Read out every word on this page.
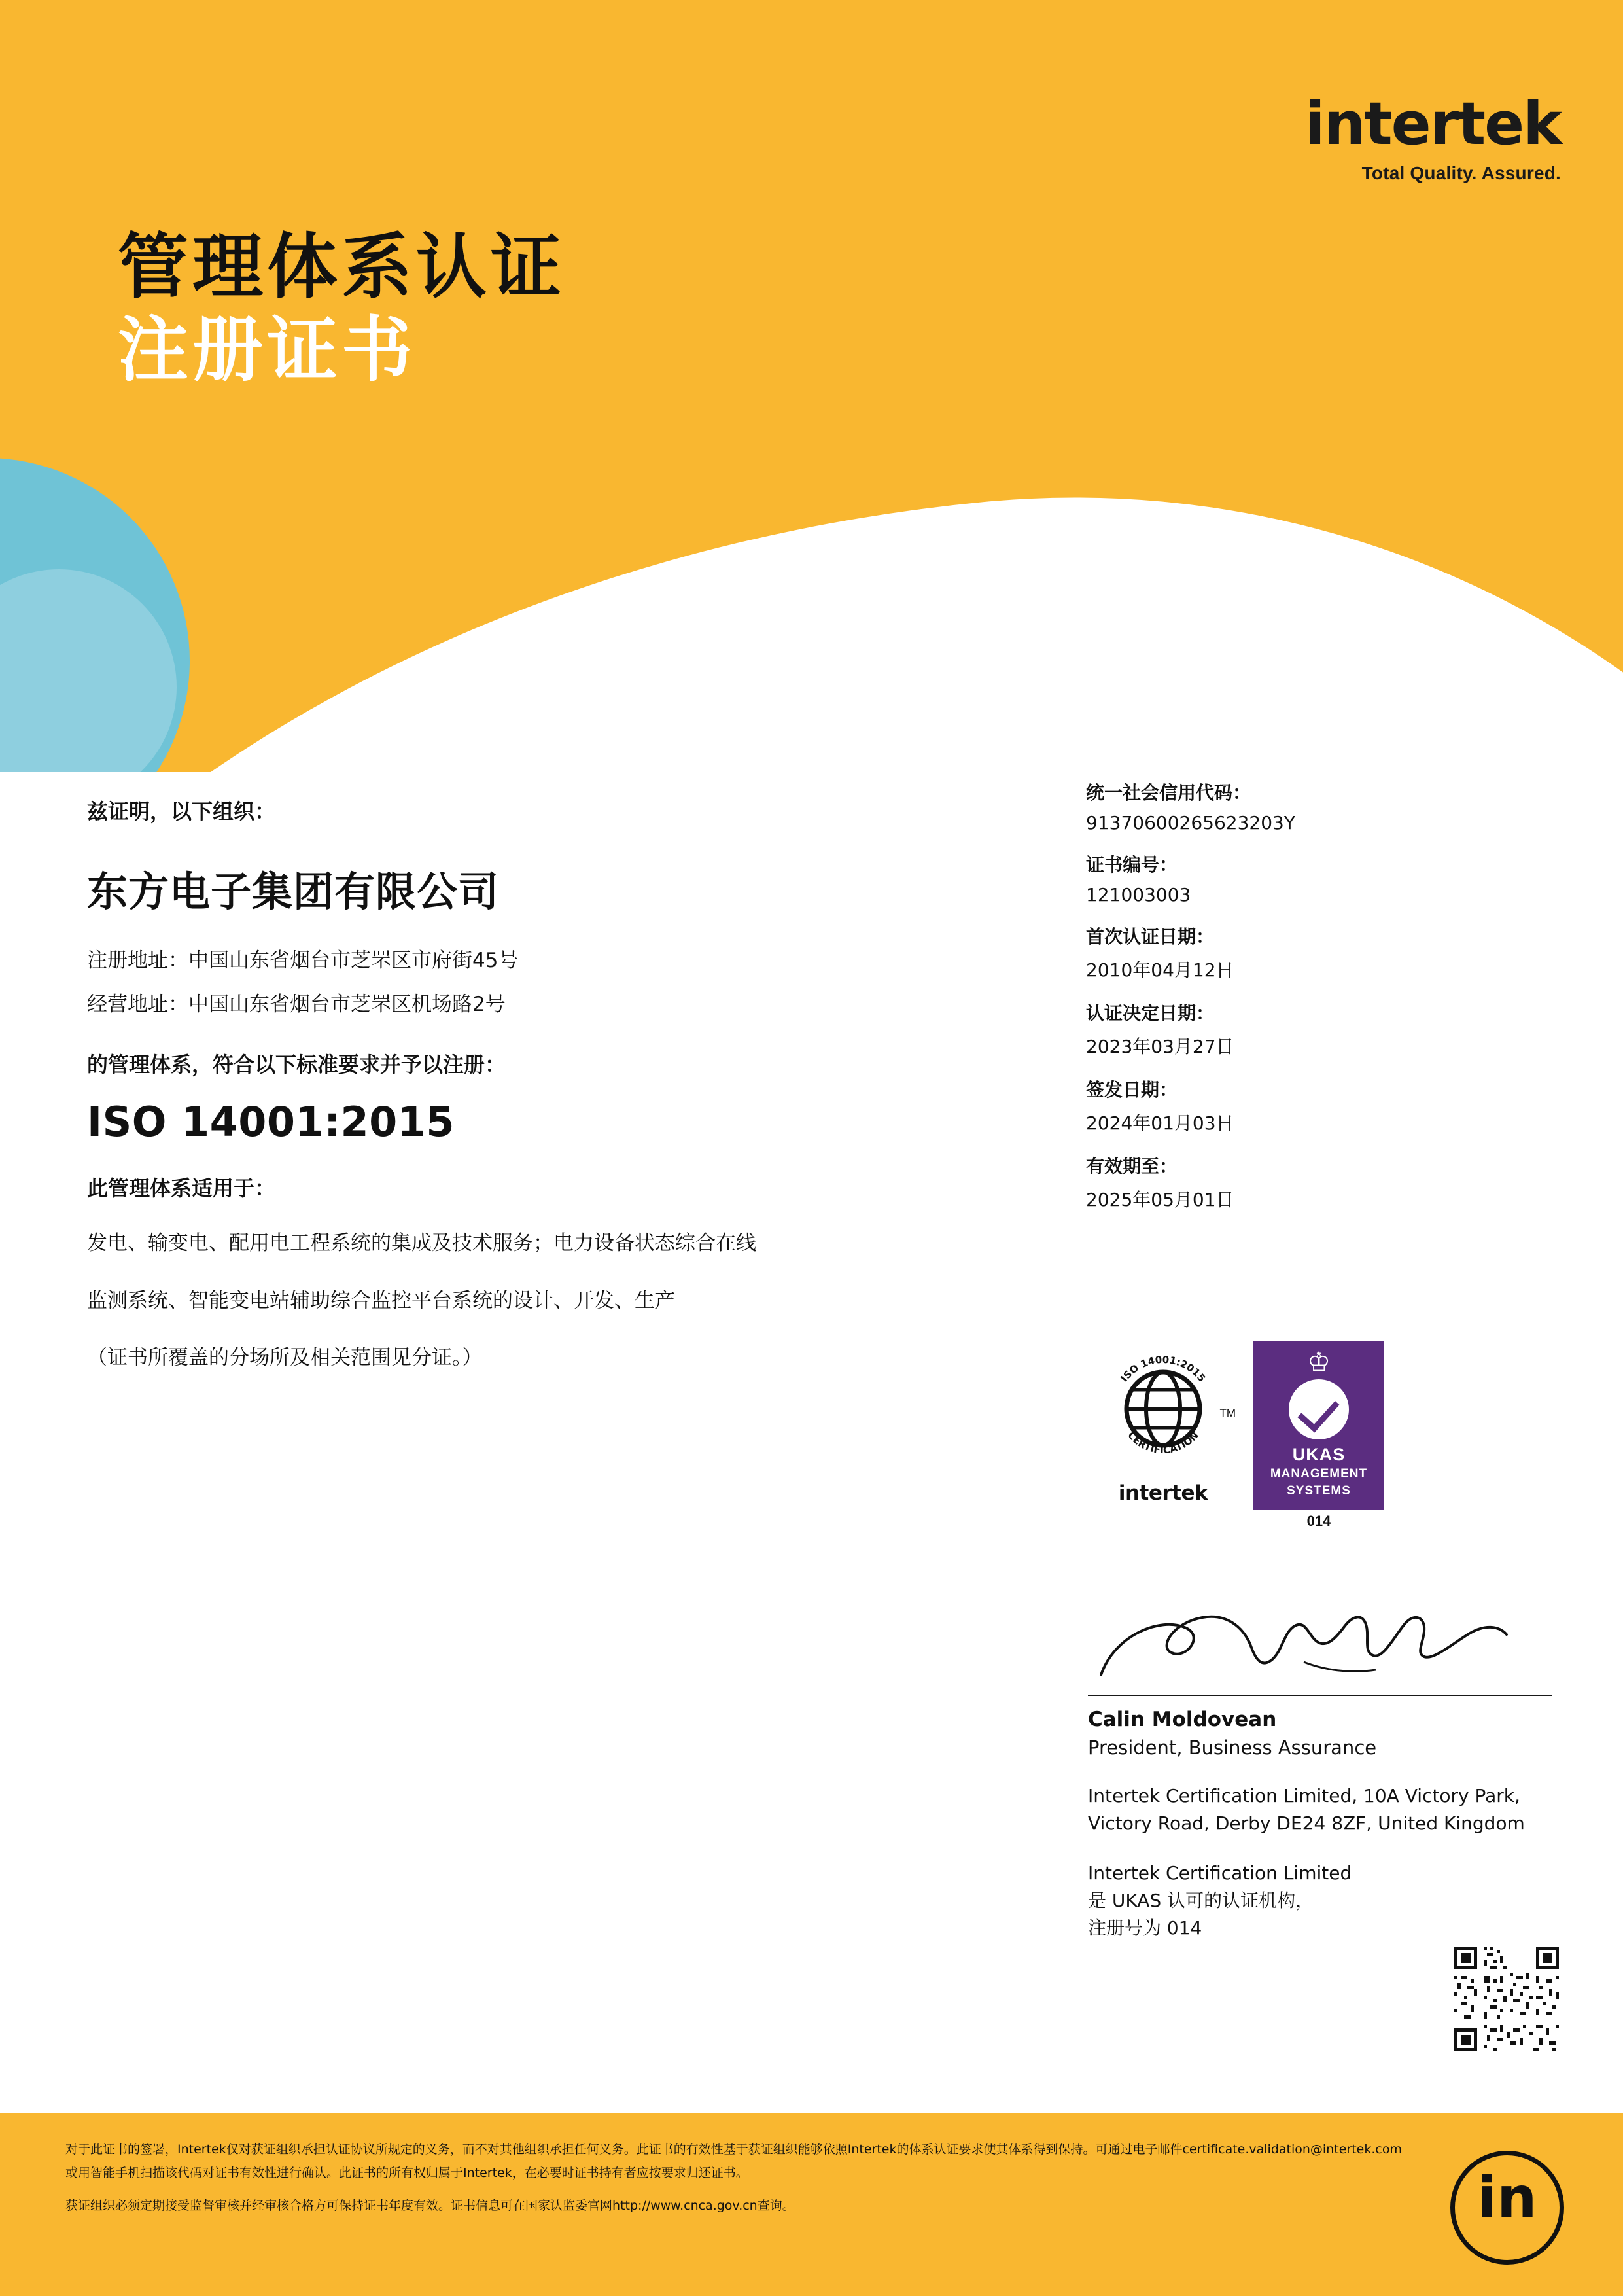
intertek
Total Quality. Assured.
管理体系认证
注册证书

兹证明，以下组织：

东方电子集团有限公司

注册地址：中国山东省烟台市芝罘区市府街45号

经营地址：中国山东省烟台市芝罘区机场路2号

的管理体系，符合以下标准要求并予以注册：

ISO 14001:2015

此管理体系适用于：

发电、输变电、配用电工程系统的集成及技术服务；电力设备状态综合在线

监测系统、智能变电站辅助综合监控平台系统的设计、开发、生产

（证书所覆盖的分场所及相关范围见分证。）

统一社会信用代码：
91370600265623203Y
证书编号：
121003003
首次认证日期：
2010年04月12日
认证决定日期：
2023年03月27日
签发日期：
2024年01月03日
有效期至：
2025年05月01日
ISO 14001:2015
CERTIFICATION
TM
intertek
♔
UKAS
MANAGEMENT
SYSTEMS
014
Calin Moldovean
President, Business Assurance
Intertek Certification Limited, 10A Victory Park, Victory Road, Derby DE24 8ZF, United Kingdom
Intertek Certification Limited
是 UKAS 认可的认证机构，
注册号为 014

对于此证书的签署，Intertek仅对获证组织承担认证协议所规定的义务，而不对其他组织承担任何义务。此证书的有效性基于获证组织能够依照Intertek的体系认证要求使其体系得到保持。可通过电子邮件certificate.validation@intertek.com或用智能手机扫描该代码对证书有效性进行确认。此证书的所有权归属于Intertek，在必要时证书持有者应按要求归还证书。

获证组织必须定期接受监督审核并经审核合格方可保持证书年度有效。证书信息可在国家认监委官网http://www.cnca.gov.cn查询。

in
